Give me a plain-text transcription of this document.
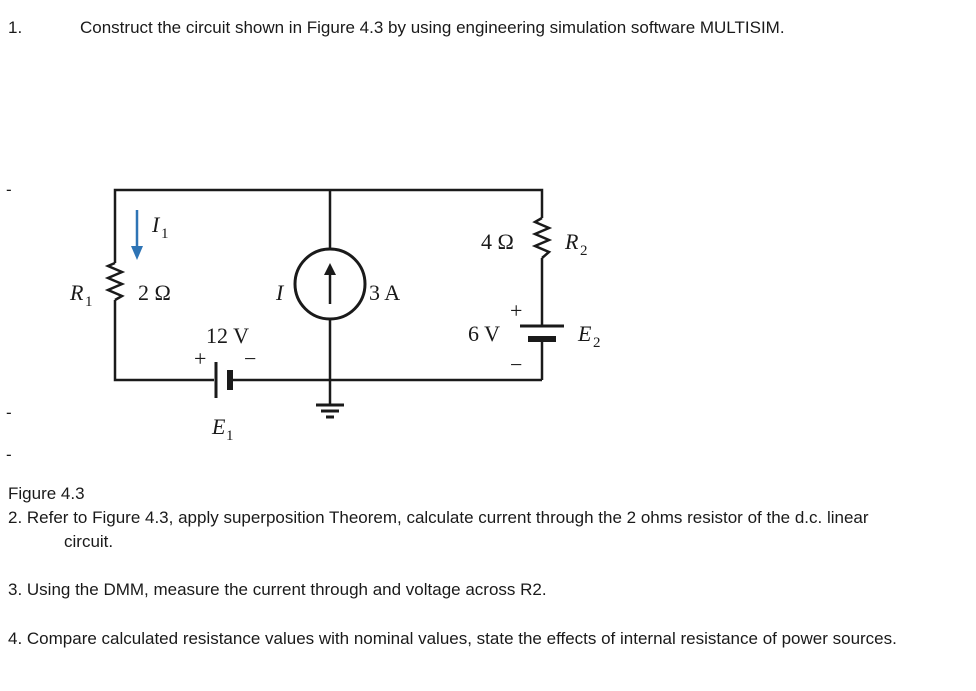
1.	Construct the circuit shown in Figure 4.3 by using engineering simulation software MULTISIM.
-
-
-
I 1
R 1 2 Ω	I	3 A
12 V
+ −
E 1
4 Ω R 2
+
6 V
−
E 2
Figure 4.3
2. Refer to Figure 4.3, apply superposition Theorem, calculate current through the 2 ohms resistor of the d.c. linear
circuit.
3. Using the DMM, measure the current through and voltage across R2.
4. Compare calculated resistance values with nominal values, state the effects of internal resistance of power sources.
